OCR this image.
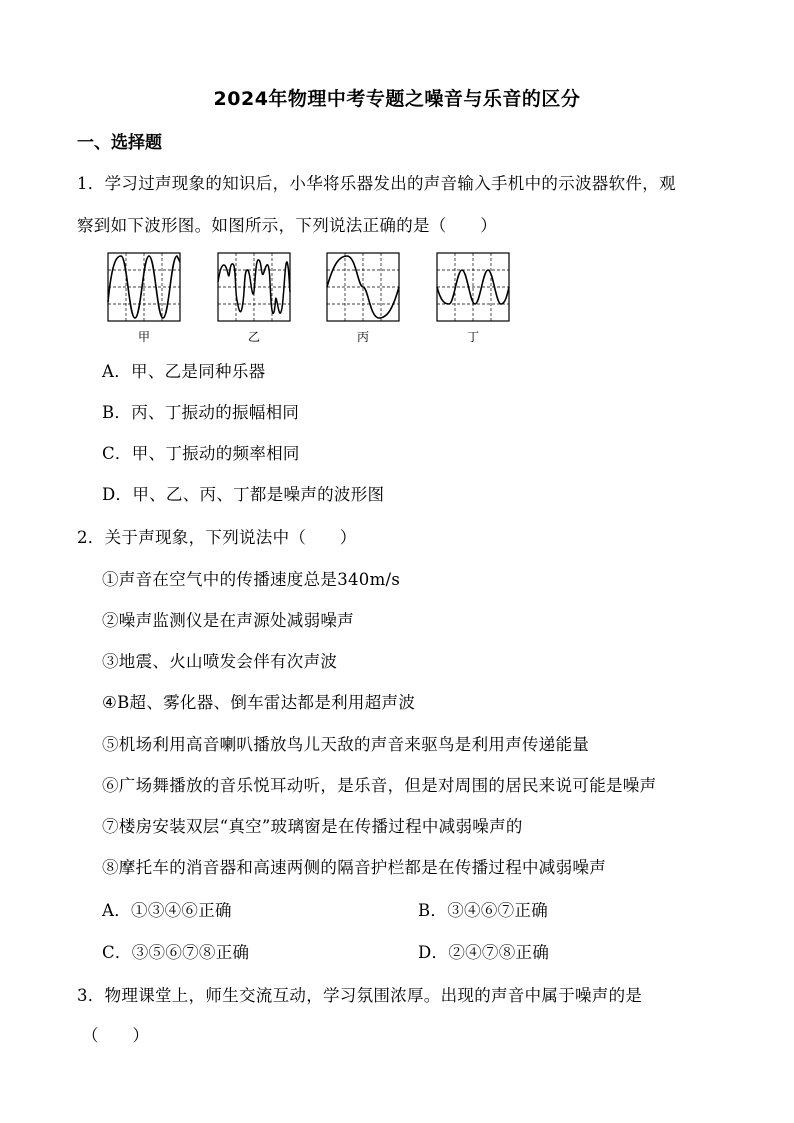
2024年物理中考专题之噪音与乐音的区分
一、选择题
1．学习过声现象的知识后，小华将乐器发出的声音输入手机中的示波器软件，观
察到如下波形图。如图所示，下列说法正确的是（　　）
甲	乙	丙	丁
A．甲、乙是同种乐器
B．丙、丁振动的振幅相同
C．甲、丁振动的频率相同
D．甲、乙、丙、丁都是噪声的波形图
2．关于声现象，下列说法中（　　）
①声音在空气中的传播速度总是340m/s
②噪声监测仪是在声源处减弱噪声
③地震、火山喷发会伴有次声波
④B超、雾化器、倒车雷达都是利用超声波
⑤机场利用高音喇叭播放鸟儿天敌的声音来驱鸟是利用声传递能量
⑥广场舞播放的音乐悦耳动听，是乐音，但是对周围的居民来说可能是噪声
⑦楼房安装双层“真空”玻璃窗是在传播过程中减弱噪声的
⑧摩托车的消音器和高速两侧的隔音护栏都是在传播过程中减弱噪声
A．①③④⑥正确	B．③④⑥⑦正确
C．③⑤⑥⑦⑧正确	D．②④⑦⑧正确
3．物理课堂上，师生交流互动，学习氛围浓厚。出现的声音中属于噪声的是
（　　）
